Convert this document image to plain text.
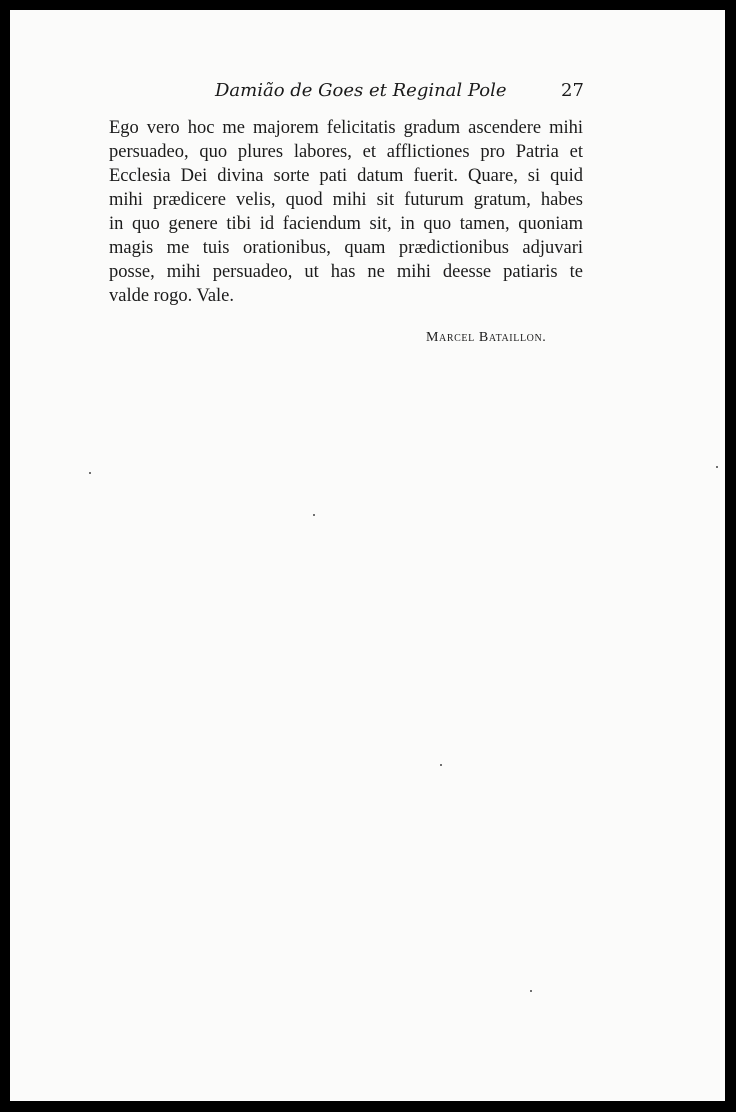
Damião de Goes et Reginal Pole	27
Ego vero hoc me majorem felicitatis gradum ascendere mihi
persuadeo, quo plures labores, et afflictiones pro Patria et
Ecclesia Dei divina sorte pati datum fuerit. Quare, si quid
mihi prædicere velis, quod mihi sit futurum gratum, habes
in quo genere tibi id faciendum sit, in quo tamen, quoniam
magis me tuis orationibus, quam prædictionibus adjuvari
posse, mihi persuadeo, ut has ne mihi deesse patiaris te
valde rogo. Vale.
Marcel Bataillon.
